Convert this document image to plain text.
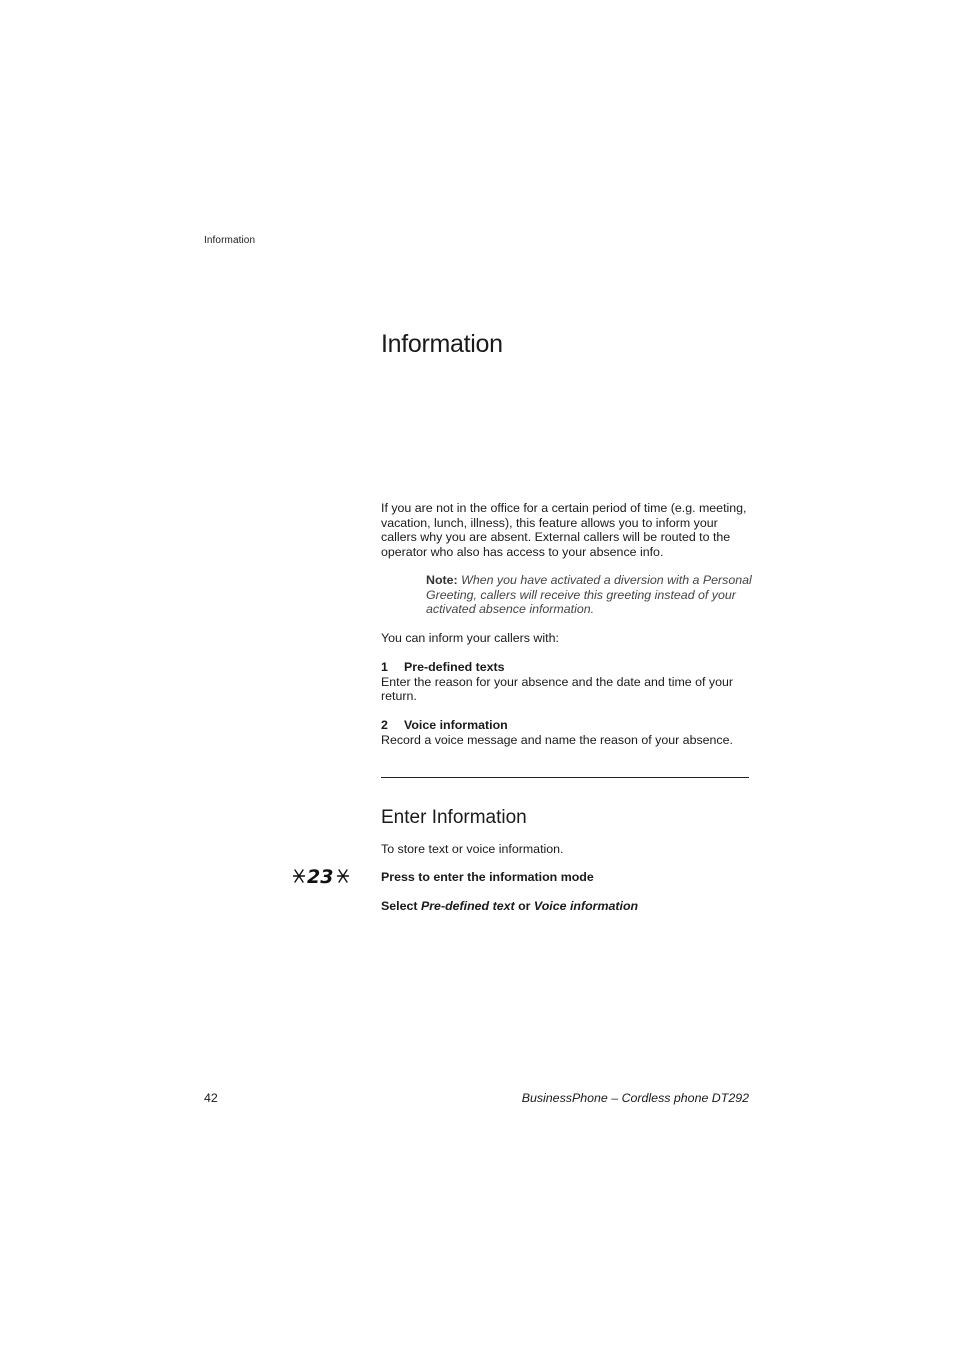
Information
Information

If you are not in the office for a certain period of time (e.g. meeting, vacation, lunch, illness), this feature allows you to inform your callers why you are absent. External callers will be routed to the operator who also has access to your absence info.

Note: When you have activated a diversion with a Personal Greeting, callers will receive this greeting instead of your activated absence information.

You can inform your callers with:

1 Pre-defined texts

Enter the reason for your absence and the date and time of your return.

2 Voice information

Record a voice message and name the reason of your absence.

Enter Information

To store text or voice information.

23	Press to enter the information mode
Select Pre-defined text or Voice information
42	BusinessPhone – Cordless phone DT292
